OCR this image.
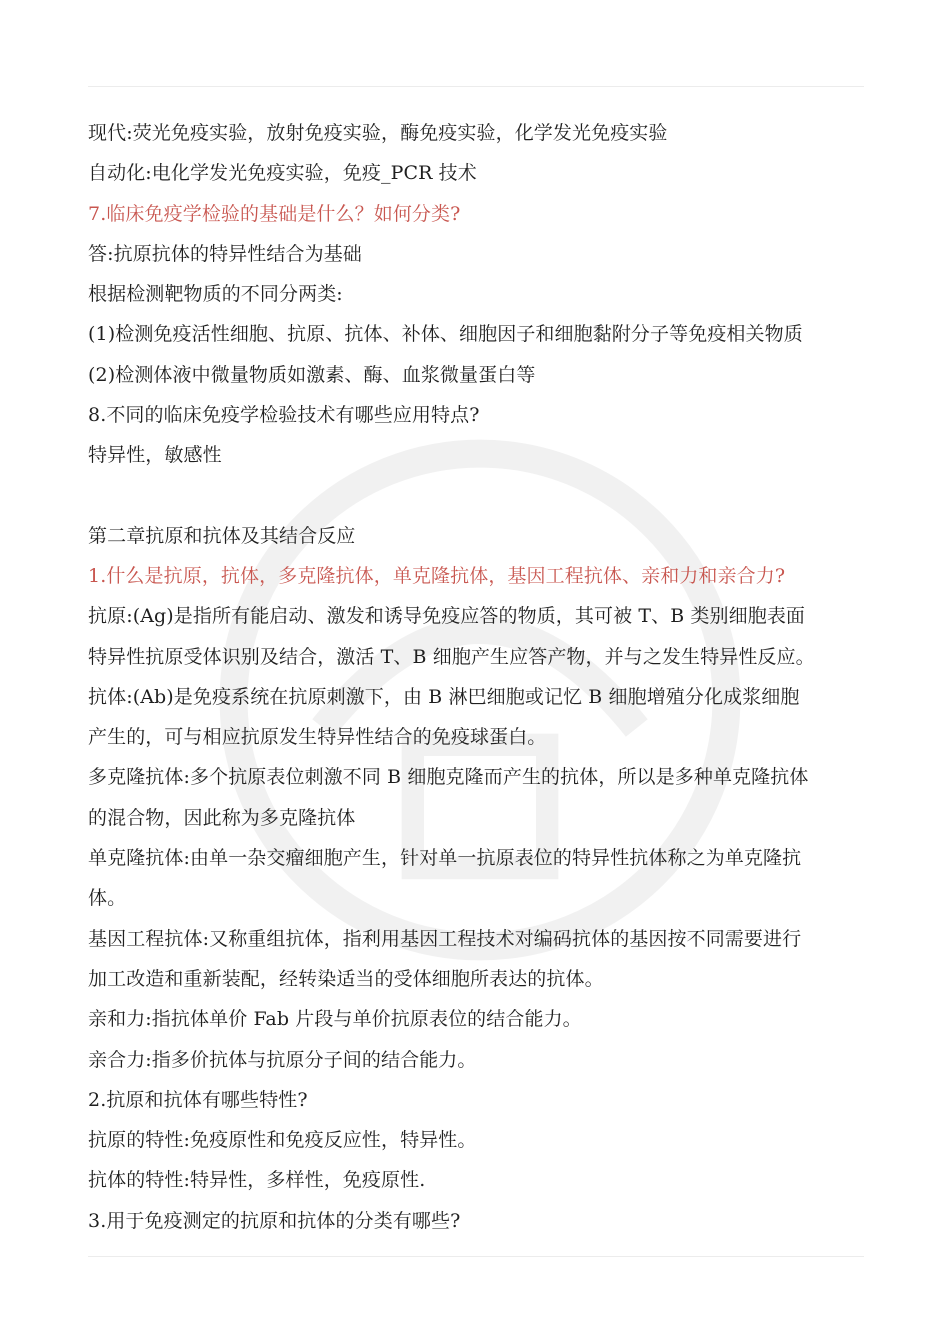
现代:荧光免疫实验，放射免疫实验，酶免疫实验，化学发光免疫实验
自动化:电化学发光免疫实验，免疫_PCR 技术
7.临床免疫学检验的基础是什么？如何分类?
答:抗原抗体的特异性结合为基础
根据检测靶物质的不同分两类:
(1)检测免疫活性细胞、抗原、抗体、补体、细胞因子和细胞黏附分子等免疫相关物质
(2)检测体液中微量物质如激素、酶、血浆微量蛋白等
8.不同的临床免疫学检验技术有哪些应用特点?
特异性，敏感性
第二章抗原和抗体及其结合反应
1.什么是抗原，抗体，多克隆抗体，单克隆抗体，基因工程抗体、亲和力和亲合力?
抗原:(Ag)是指所有能启动、激发和诱导免疫应答的物质，其可被 T、B 类别细胞表面
特异性抗原受体识别及结合，激活 T、B 细胞产生应答产物，并与之发生特异性反应。
抗体:(Ab)是免疫系统在抗原刺激下，由 B 淋巴细胞或记忆 B 细胞增殖分化成浆细胞
产生的，可与相应抗原发生特异性结合的免疫球蛋白。
多克隆抗体:多个抗原表位刺激不同 B 细胞克隆而产生的抗体，所以是多种单克隆抗体
的混合物，因此称为多克隆抗体
单克隆抗体:由单一杂交瘤细胞产生，针对单一抗原表位的特异性抗体称之为单克隆抗
体。
基因工程抗体:又称重组抗体，指利用基因工程技术对编码抗体的基因按不同需要进行
加工改造和重新装配，经转染适当的受体细胞所表达的抗体。
亲和力:指抗体单价 Fab 片段与单价抗原表位的结合能力。
亲合力:指多价抗体与抗原分子间的结合能力。
2.抗原和抗体有哪些特性?
抗原的特性:免疫原性和免疫反应性，特异性。
抗体的特性:特异性，多样性，免疫原性.
3.用于免疫测定的抗原和抗体的分类有哪些?
